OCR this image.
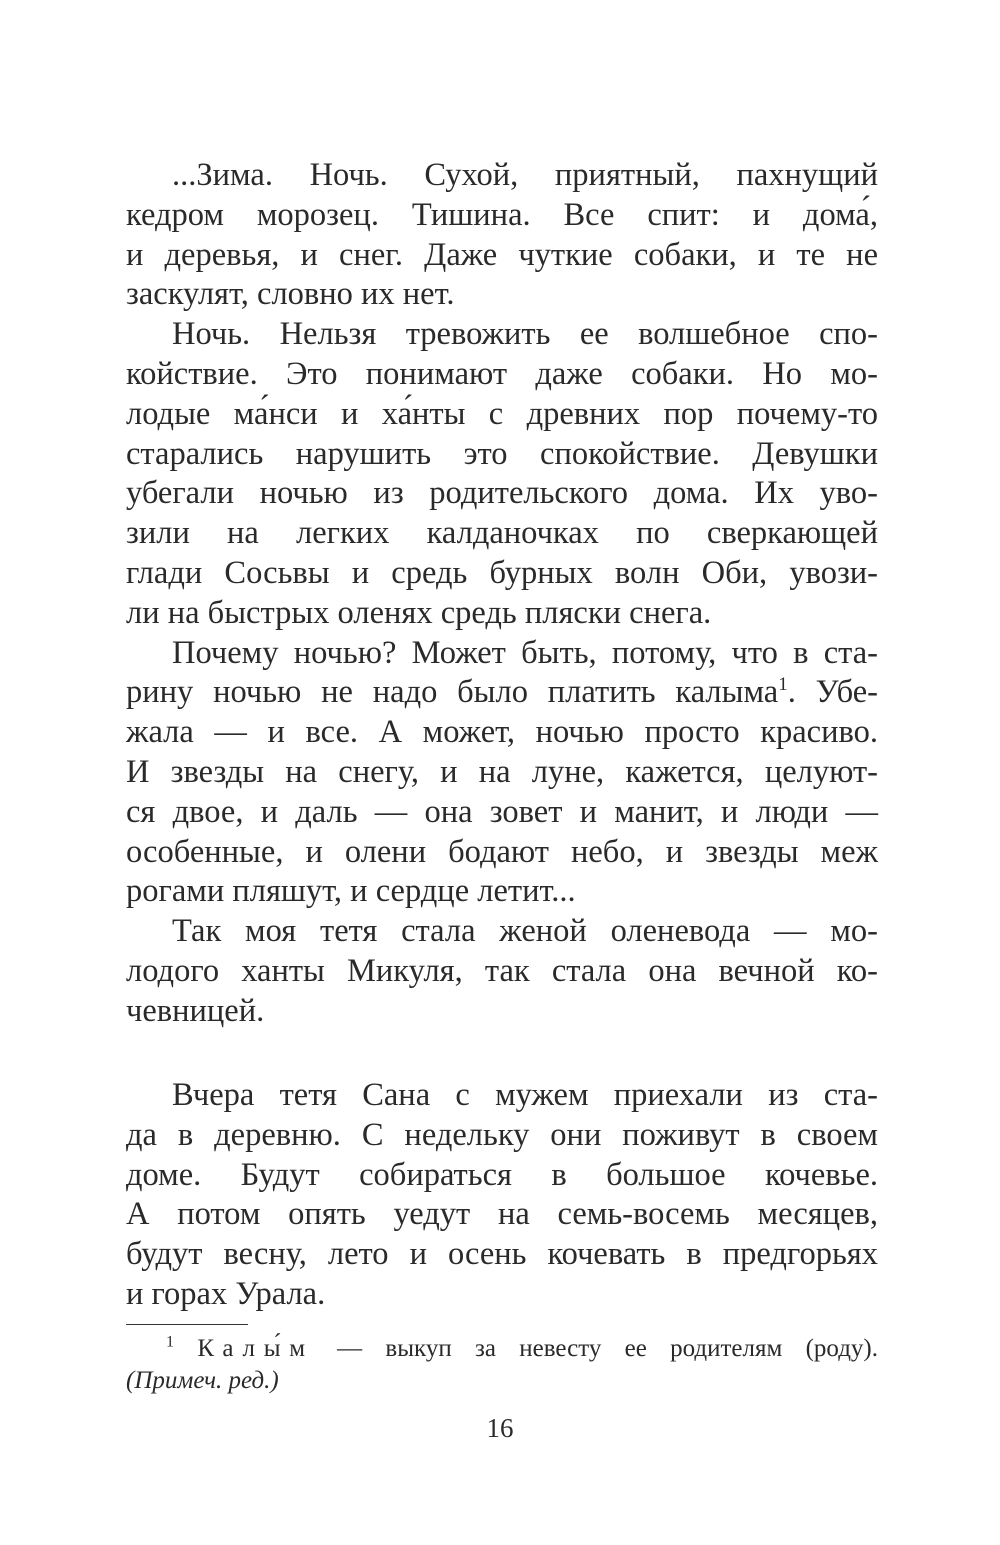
...Зима. Ночь. Сухой, приятный, пахнущий
кедром морозец. Тишина. Все спит: и дома́,
и деревья, и снег. Даже чуткие собаки, и те не
заскулят, словно их нет.
Ночь. Нельзя тревожить ее волшебное спо-
койствие. Это понимают даже собаки. Но мо-
лодые ма́нси и ха́нты с древних пор почему-то
старались нарушить это спокойствие. Девушки
убегали ночью из родительского дома. Их уво-
зили на легких калданочках по сверкающей
глади Сосьвы и средь бурных волн Оби, увози-
ли на быстрых оленях средь пляски снега.
Почему ночью? Может быть, потому, что в ста-
рину ночью не надо было платить калыма$^1$. Убе-
жала — и все. А может, ночью просто красиво.
И звезды на снегу, и на луне, кажется, целуют-
ся двое, и даль — она зовет и манит, и люди —
особенные, и олени бодают небо, и звезды меж
рогами пляшут, и сердце летит...
Так моя тетя стала женой оленевода — мо-
лодого ханты Микуля, так стала она вечной ко-
чевницей.
Вчера тетя Сана с мужем приехали из ста-
да в деревню. С недельку они поживут в своем
доме. Будут собираться в большое кочевье.
А потом опять уедут на семь-восемь месяцев,
будут весну, лето и осень кочевать в предгорьях
и горах Урала.
$^1$ Калы́м — выкуп за невесту ее родителям (роду).
(Примеч. ред.)
16
